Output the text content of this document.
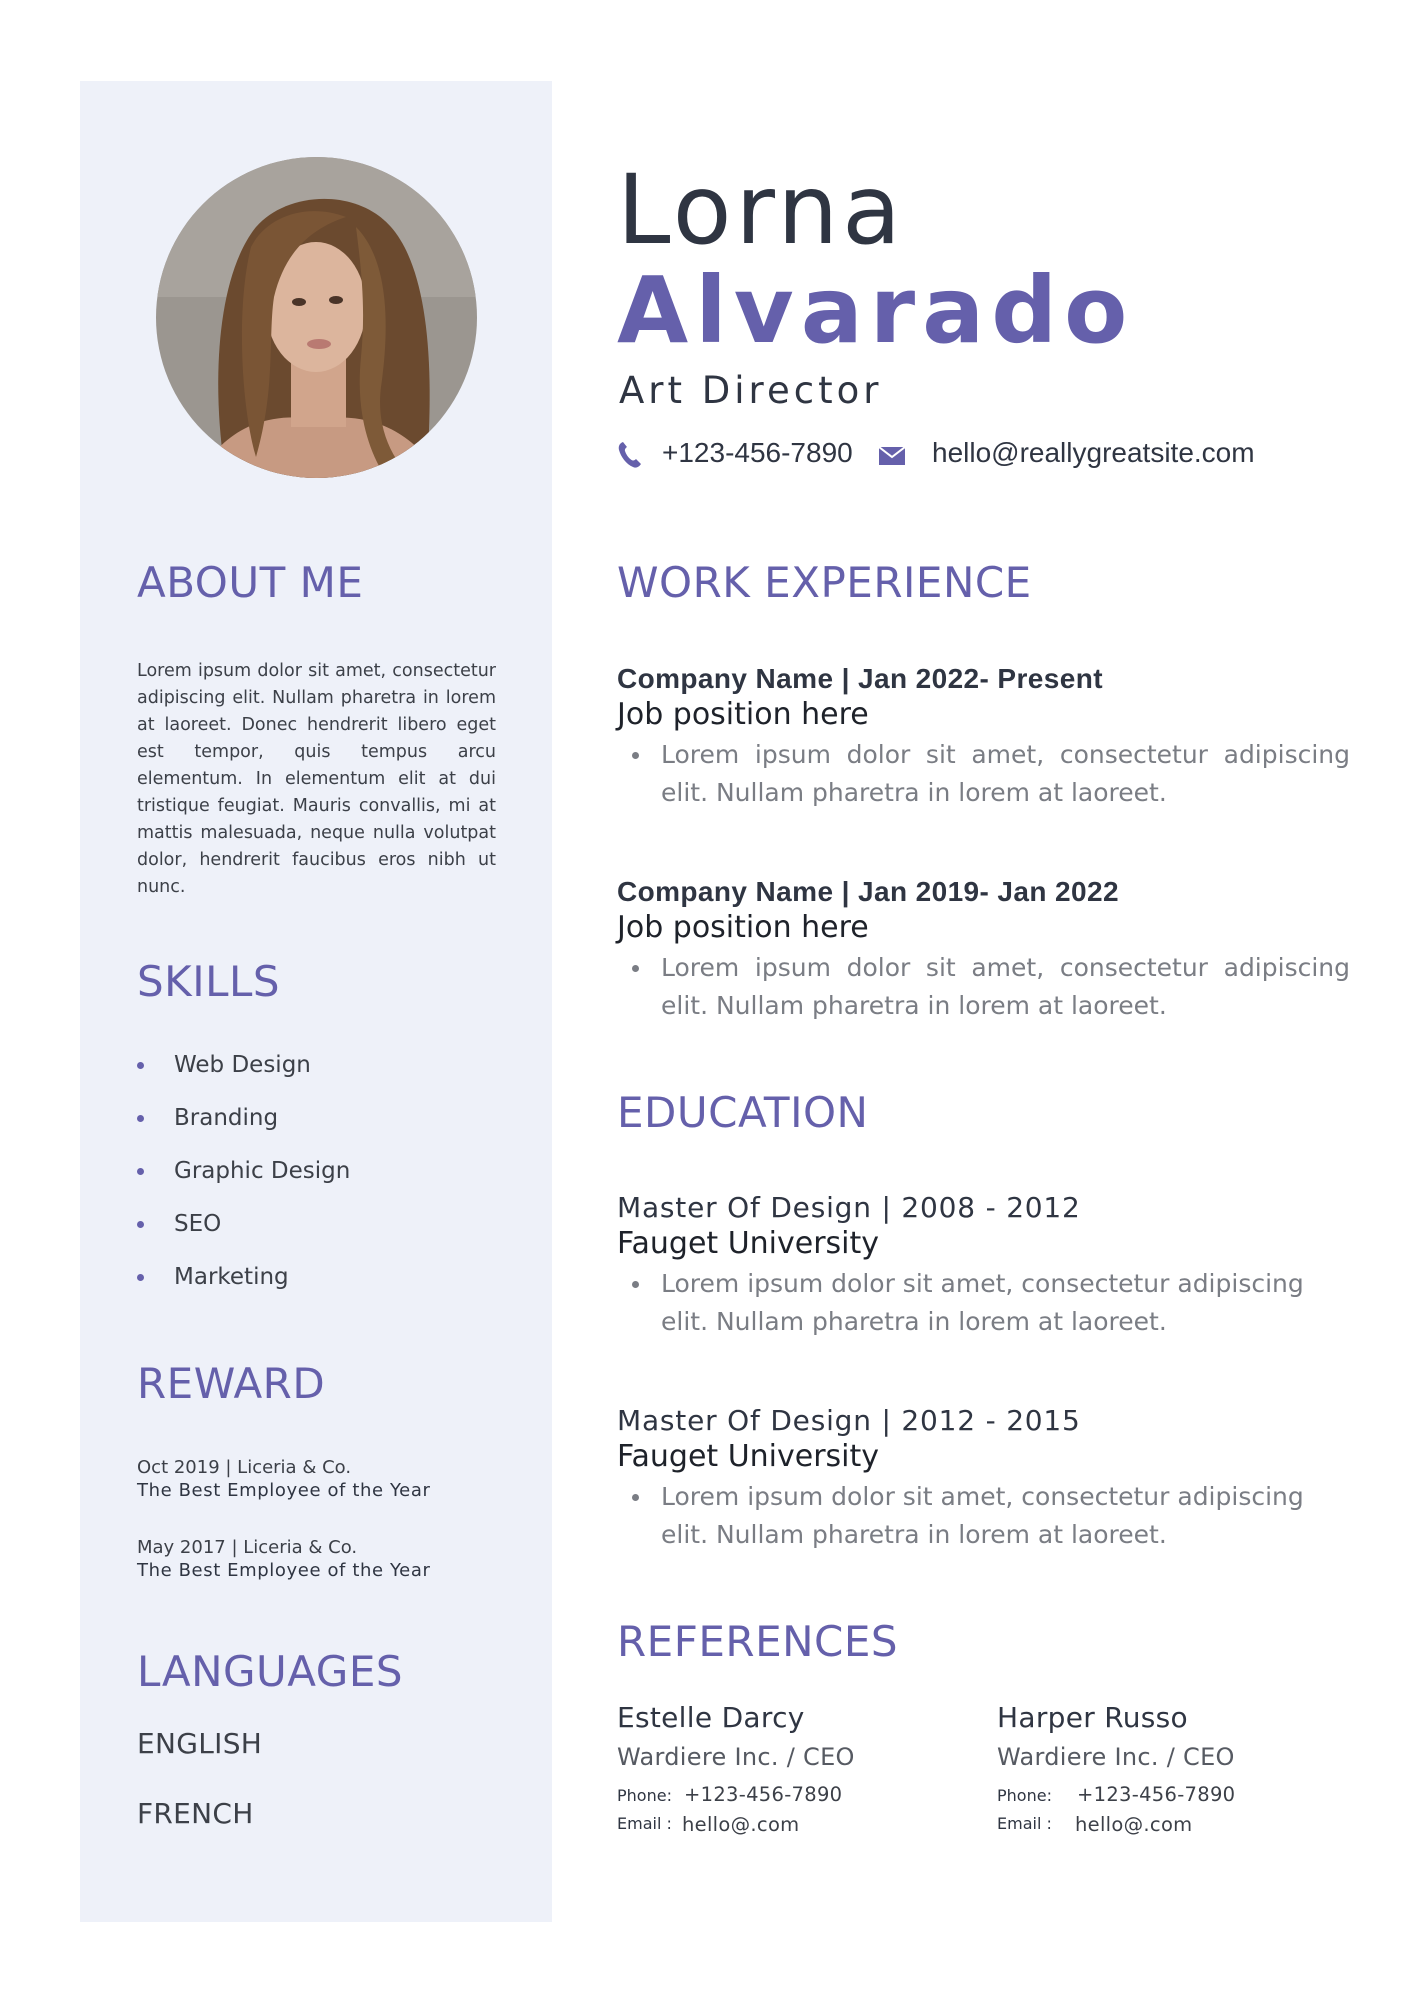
ABOUT ME

Lorem ipsum dolor sit amet, consectetur adipiscing elit. Nullam pharetra in lorem at laoreet. Donec hendrerit libero eget est tempor, quis tempus arcu elementum. In elementum elit at dui tristique feugiat. Mauris convallis, mi at mattis malesuada, neque nulla volutpat dolor, hendrerit faucibus eros nibh ut nunc.

SKILLS
Web Design
Branding
Graphic Design
SEO
Marketing
REWARD
Oct 2019 | Liceria & Co.
The Best Employee of the Year
May 2017 | Liceria & Co.
The Best Employee of the Year
LANGUAGES
ENGLISH
FRENCH
Lorna
Alvarado
Art Director
+123-456-7890	hello@reallygreatsite.com
WORK EXPERIENCE
Company Name | Jan 2022- Present
Job position here
Lorem ipsum dolor sit amet, consectetur adipiscing elit. Nullam pharetra in lorem at laoreet.
Company Name | Jan 2019- Jan 2022
Job position here
Lorem ipsum dolor sit amet, consectetur adipiscing elit. Nullam pharetra in lorem at laoreet.
EDUCATION
Master Of Design | 2008 - 2012
Fauget University
Lorem ipsum dolor sit amet, consectetur adipiscing elit. Nullam pharetra in lorem at laoreet.
Master Of Design | 2012 - 2015
Fauget University
Lorem ipsum dolor sit amet, consectetur adipiscing elit. Nullam pharetra in lorem at laoreet.
REFERENCES
Estelle Darcy
Wardiere Inc. / CEO
Phone: +123-456-7890
Email : hello@.com
Harper Russo
Wardiere Inc. / CEO
Phone: +123-456-7890
Email : hello@.com
